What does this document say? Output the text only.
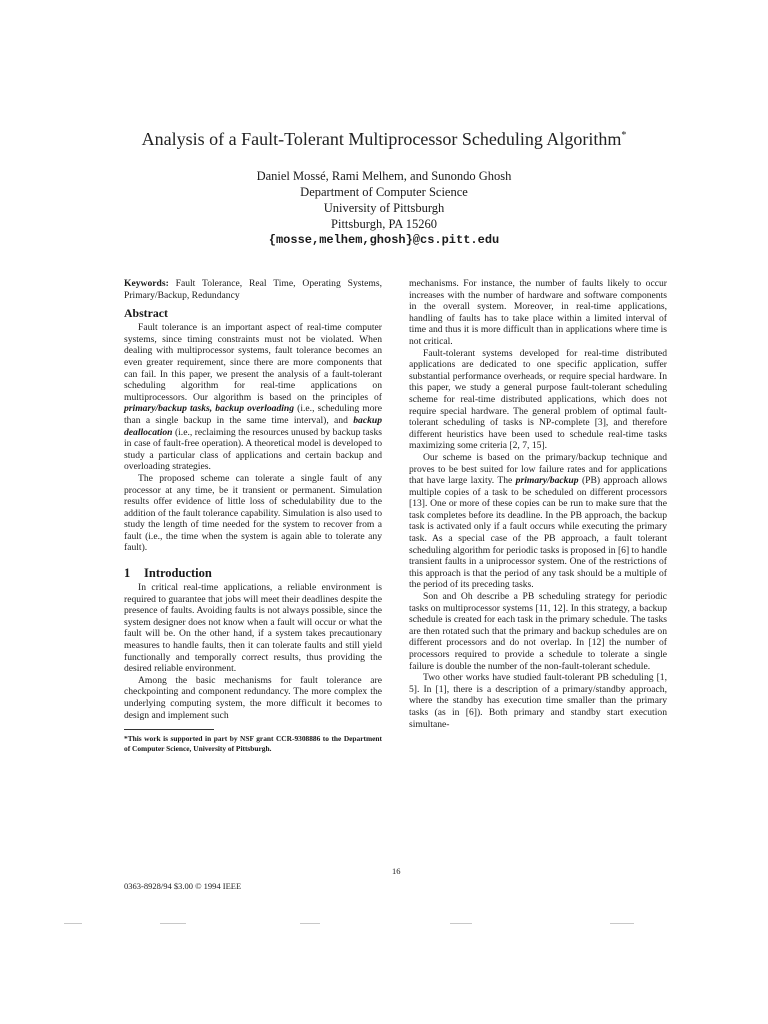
Analysis of a Fault-Tolerant Multiprocessor Scheduling Algorithm*
Daniel Mossé, Rami Melhem, and Sunondo Ghosh
Department of Computer Science
University of Pittsburgh
Pittsburgh, PA 15260
{mosse,melhem,ghosh}@cs.pitt.edu

Keywords: Fault Tolerance, Real Time, Operating Systems, Primary/Backup, Redundancy

Abstract

Fault tolerance is an important aspect of real-time computer systems, since timing constraints must not be violated. When dealing with multiprocessor systems, fault tolerance becomes an even greater requirement, since there are more components that can fail. In this paper, we present the analysis of a fault-tolerant scheduling algorithm for real-time applications on multiprocessors. Our algorithm is based on the principles of primary/backup tasks, backup overloading (i.e., scheduling more than a single backup in the same time interval), and backup deallocation (i.e., reclaiming the resources unused by backup tasks in case of fault-free operation). A theoretical model is developed to study a particular class of applications and certain backup and overloading strategies.

The proposed scheme can tolerate a single fault of any processor at any time, be it transient or permanent. Simulation results offer evidence of little loss of schedulability due to the addition of the fault tolerance capability. Simulation is also used to study the length of time needed for the system to recover from a fault (i.e., the time when the system is again able to tolerate any fault).

1 Introduction

In critical real-time applications, a reliable environment is required to guarantee that jobs will meet their deadlines despite the presence of faults. Avoiding faults is not always possible, since the system designer does not know when a fault will occur or what the fault will be. On the other hand, if a system takes precautionary measures to handle faults, then it can tolerate faults and still yield functionally and temporally correct results, thus providing the desired reliable environment.

Among the basic mechanisms for fault tolerance are checkpointing and component redundancy. The more complex the underlying computing system, the more difficult it becomes to design and implement such

*This work is supported in part by NSF grant CCR-9308886 to the Department of Computer Science, University of Pittsburgh.

mechanisms. For instance, the number of faults likely to occur increases with the number of hardware and software components in the overall system. Moreover, in real-time applications, handling of faults has to take place within a limited interval of time and thus it is more difficult than in applications where time is not critical.

Fault-tolerant systems developed for real-time distributed applications are dedicated to one specific application, suffer substantial performance overheads, or require special hardware. In this paper, we study a general purpose fault-tolerant scheduling scheme for real-time distributed applications, which does not require special hardware. The general problem of optimal fault-tolerant scheduling of tasks is NP-complete [3], and therefore different heuristics have been used to schedule real-time tasks maximizing some criteria [2, 7, 15].

Our scheme is based on the primary/backup technique and proves to be best suited for low failure rates and for applications that have large laxity. The primary/backup (PB) approach allows multiple copies of a task to be scheduled on different processors [13]. One or more of these copies can be run to make sure that the task completes before its deadline. In the PB approach, the backup task is activated only if a fault occurs while executing the primary task. As a special case of the PB approach, a fault tolerant scheduling algorithm for periodic tasks is proposed in [6] to handle transient faults in a uniprocessor system. One of the restrictions of this approach is that the period of any task should be a multiple of the period of its preceding tasks.

Son and Oh describe a PB scheduling strategy for periodic tasks on multiprocessor systems [11, 12]. In this strategy, a backup schedule is created for each task in the primary schedule. The tasks are then rotated such that the primary and backup schedules are on different processors and do not overlap. In [12] the number of processors required to provide a schedule to tolerate a single failure is double the number of the non-fault-tolerant schedule.

Two other works have studied fault-tolerant PB scheduling [1, 5]. In [1], there is a description of a primary/standby approach, where the standby has execution time smaller than the primary tasks (as in [6]). Both primary and standby start execution simultane-

16
0363-8928/94 $3.00 © 1994 IEEE
